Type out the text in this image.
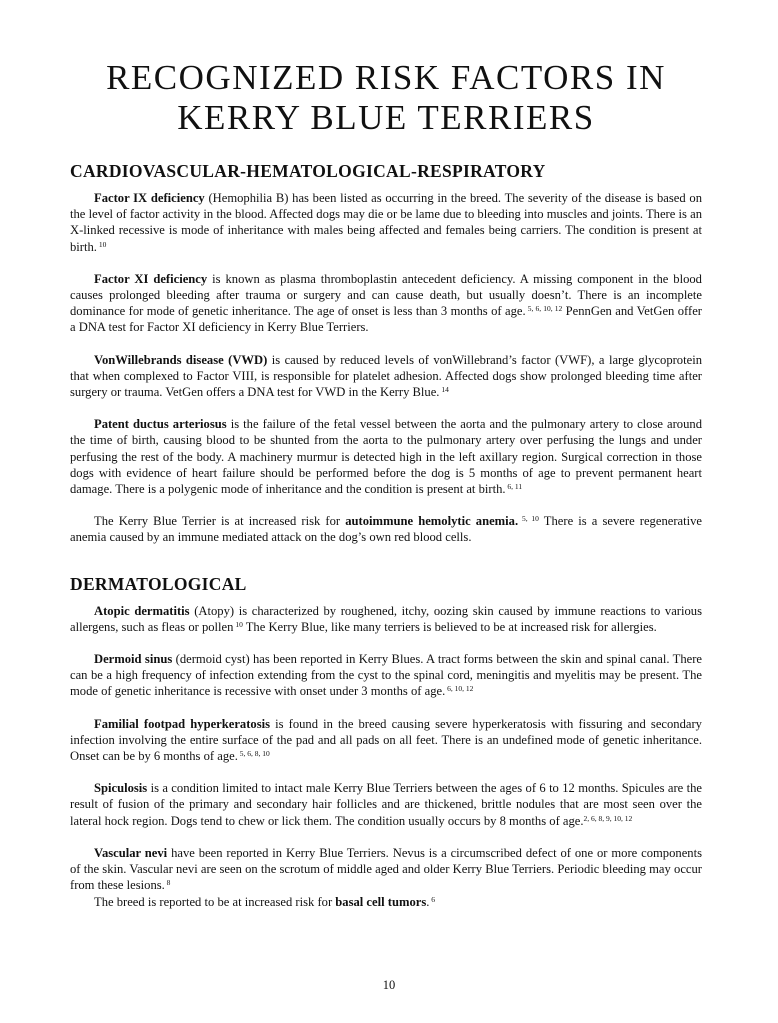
RECOGNIZED RISK FACTORS IN
KERRY BLUE TERRIERS
CARDIOVASCULAR-HEMATOLOGICAL-RESPIRATORY

Factor IX deficiency (Hemophilia B) has been listed as occurring in the breed. The severity of the disease is based on the level of factor activity in the blood. Affected dogs may die or be lame due to bleeding into muscles and joints. There is an X-linked recessive is mode of inheritance with males being affected and females being carriers. The condition is present at birth. $^{10}$

Factor XI deficiency is known as plasma thromboplastin antecedent deficiency. A missing component in the blood causes prolonged bleeding after trauma or surgery and can cause death, but usually doesn’t. There is an incomplete dominance for mode of genetic inheritance. The age of onset is less than 3 months of age. $^{5, 6, 10, 12}$ PennGen and VetGen offer a DNA test for Factor XI deficiency in Kerry Blue Terriers.

VonWillebrands disease (VWD) is caused by reduced levels of vonWillebrand’s factor (VWF), a large glycoprotein that when complexed to Factor VIII, is responsible for platelet adhesion. Affected dogs show prolonged bleeding time after surgery or trauma. VetGen offers a DNA test for VWD in the Kerry Blue. $^{14}$

Patent ductus arteriosus is the failure of the fetal vessel between the aorta and the pulmonary artery to close around the time of birth, causing blood to be shunted from the aorta to the pulmonary artery over perfusing the lungs and under perfusing the rest of the body. A machinery murmur is detected high in the left axillary region. Surgical correction in those dogs with evidence of heart failure should be performed before the dog is 5 months of age to prevent permanent heart damage. There is a polygenic mode of inheritance and the condition is present at birth. $^{6, 11}$

The Kerry Blue Terrier is at increased risk for autoimmune hemolytic anemia. $^{5, 10}$ There is a severe regenerative anemia caused by an immune mediated attack on the dog’s own red blood cells.

DERMATOLOGICAL

Atopic dermatitis (Atopy) is characterized by roughened, itchy, oozing skin caused by immune reactions to various allergens, such as fleas or pollen $^{10}$ The Kerry Blue, like many terriers is believed to be at increased risk for allergies.

Dermoid sinus (dermoid cyst) has been reported in Kerry Blues. A tract forms between the skin and spinal canal. There can be a high frequency of infection extending from the cyst to the spinal cord, meningitis and myelitis may be present. The mode of genetic inheritance is recessive with onset under 3 months of age. $^{6, 10, 12}$

Familial footpad hyperkeratosis is found in the breed causing severe hyperkeratosis with fissuring and secondary infection involving the entire surface of the pad and all pads on all feet. There is an undefined mode of genetic inheritance. Onset can be by 6 months of age. $^{5, 6, 8, 10}$

Spiculosis is a condition limited to intact male Kerry Blue Terriers between the ages of 6 to 12 months. Spicules are the result of fusion of the primary and secondary hair follicles and are thickened, brittle nodules that are most seen over the lateral hock region. Dogs tend to chew or lick them. The condition usually occurs by 8 months of age.$^{2, 6, 8, 9, 10, 12}$

Vascular nevi have been reported in Kerry Blue Terriers. Nevus is a circumscribed defect of one or more components of the skin. Vascular nevi are seen on the scrotum of middle aged and older Kerry Blue Terriers. Periodic bleeding may occur from these lesions. $^8$

The breed is reported to be at increased risk for basal cell tumors. $^6$

10
